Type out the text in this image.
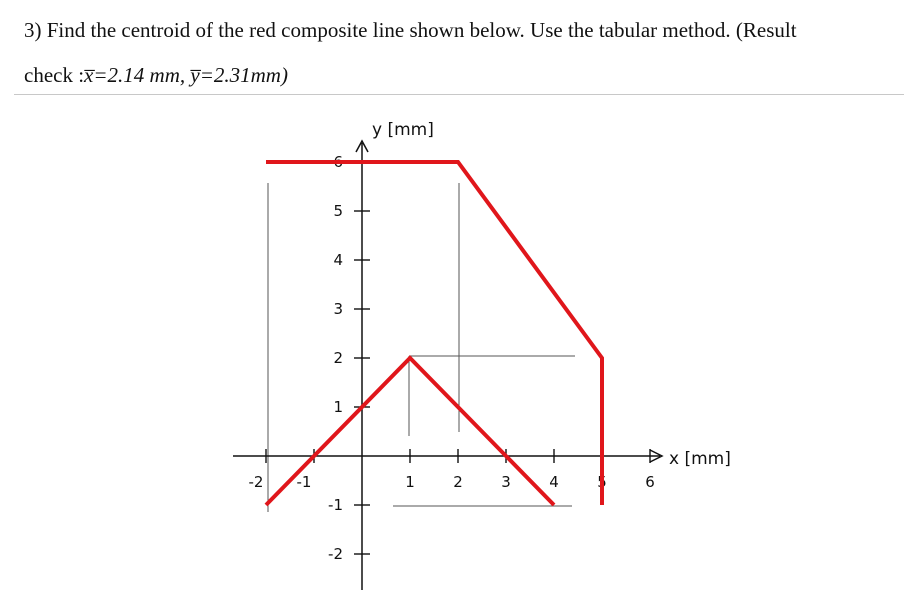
3) Find the centroid of the red composite line shown below. Use the tabular method. (Result
check :x̅=2.14 mm, y̅=2.31mm)
-2 -1	1	2	3	4	5	6
6
5
4
3
2
1
-1
-2
y [mm]
x [mm]
